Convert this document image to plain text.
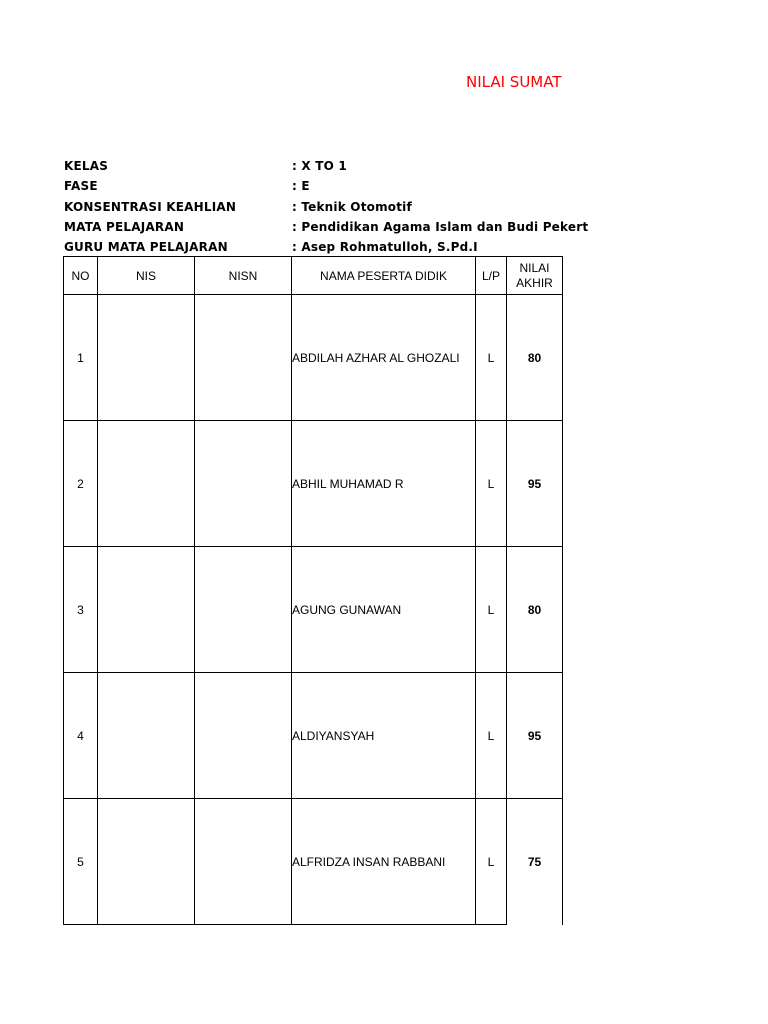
NILAI SUMAT
KELAS	: X TO 1
FASE	: E
KONSENTRASI KEAHLIAN	: Teknik Otomotif
MATA PELAJARAN	: Pendidikan Agama Islam dan Budi Pekert
GURU MATA PELAJARAN	: Asep Rohmatulloh, S.Pd.I
NO	NIS	NISN	NAMA PESERTA DIDIK	L/P	NILAI
AKHIR
1			ABDILAH AZHAR AL GHOZALI	L	80
2			ABHIL MUHAMAD R	L	95
3			AGUNG GUNAWAN	L	80
4			ALDIYANSYAH	L	95
5			ALFRIDZA INSAN RABBANI	L	75
